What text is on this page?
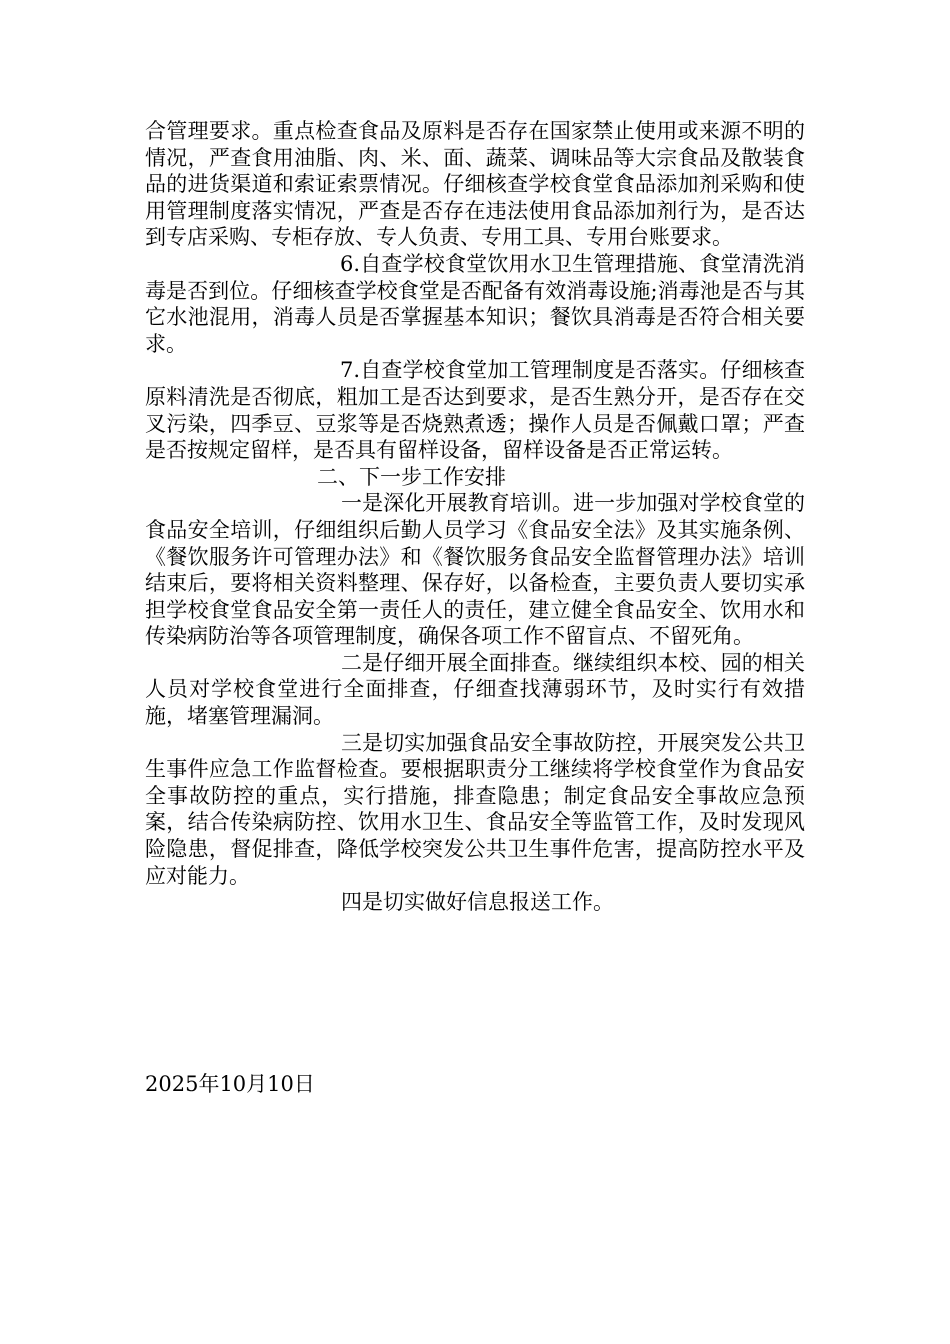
合管理要求。重点检查食品及原料是否存在国家禁止使用或来源不明的情况，严查食用油脂、肉、米、面、蔬菜、调味品等大宗食品及散装食品的进货渠道和索证索票情况。仔细核查学校食堂食品添加剂采购和使用管理制度落实情况，严查是否存在违法使用食品添加剂行为，是否达到专店采购、专柜存放、专人负责、专用工具、专用台账要求。

6.自查学校食堂饮用水卫生管理措施、食堂清洗消毒是否到位。仔细核查学校食堂是否配备有效消毒设施;消毒池是否与其它水池混用，消毒人员是否掌握基本知识；餐饮具消毒是否符合相关要求。

7.自查学校食堂加工管理制度是否落实。仔细核查原料清洗是否彻底，粗加工是否达到要求，是否生熟分开，是否存在交叉污染，四季豆、豆浆等是否烧熟煮透；操作人员是否佩戴口罩；严查是否按规定留样，是否具有留样设备，留样设备是否正常运转。

二、下一步工作安排

一是深化开展教育培训。进一步加强对学校食堂的食品安全培训，仔细组织后勤人员学习《食品安全法》及其实施条例、《餐饮服务许可管理办法》和《餐饮服务食品安全监督管理办法》培训结束后，要将相关资料整理、保存好，以备检查，主要负责人要切实承担学校食堂食品安全第一责任人的责任，建立健全食品安全、饮用水和传染病防治等各项管理制度，确保各项工作不留盲点、不留死角。

二是仔细开展全面排查。继续组织本校、园的相关人员对学校食堂进行全面排查，仔细查找薄弱环节，及时实行有效措施，堵塞管理漏洞。

三是切实加强食品安全事故防控，开展突发公共卫生事件应急工作监督检查。要根据职责分工继续将学校食堂作为食品安全事故防控的重点，实行措施，排查隐患；制定食品安全事故应急预案，结合传染病防控、饮用水卫生、食品安全等监管工作，及时发现风险隐患，督促排查，降低学校突发公共卫生事件危害，提高防控水平及应对能力。

四是切实做好信息报送工作。

2025年10月10日
